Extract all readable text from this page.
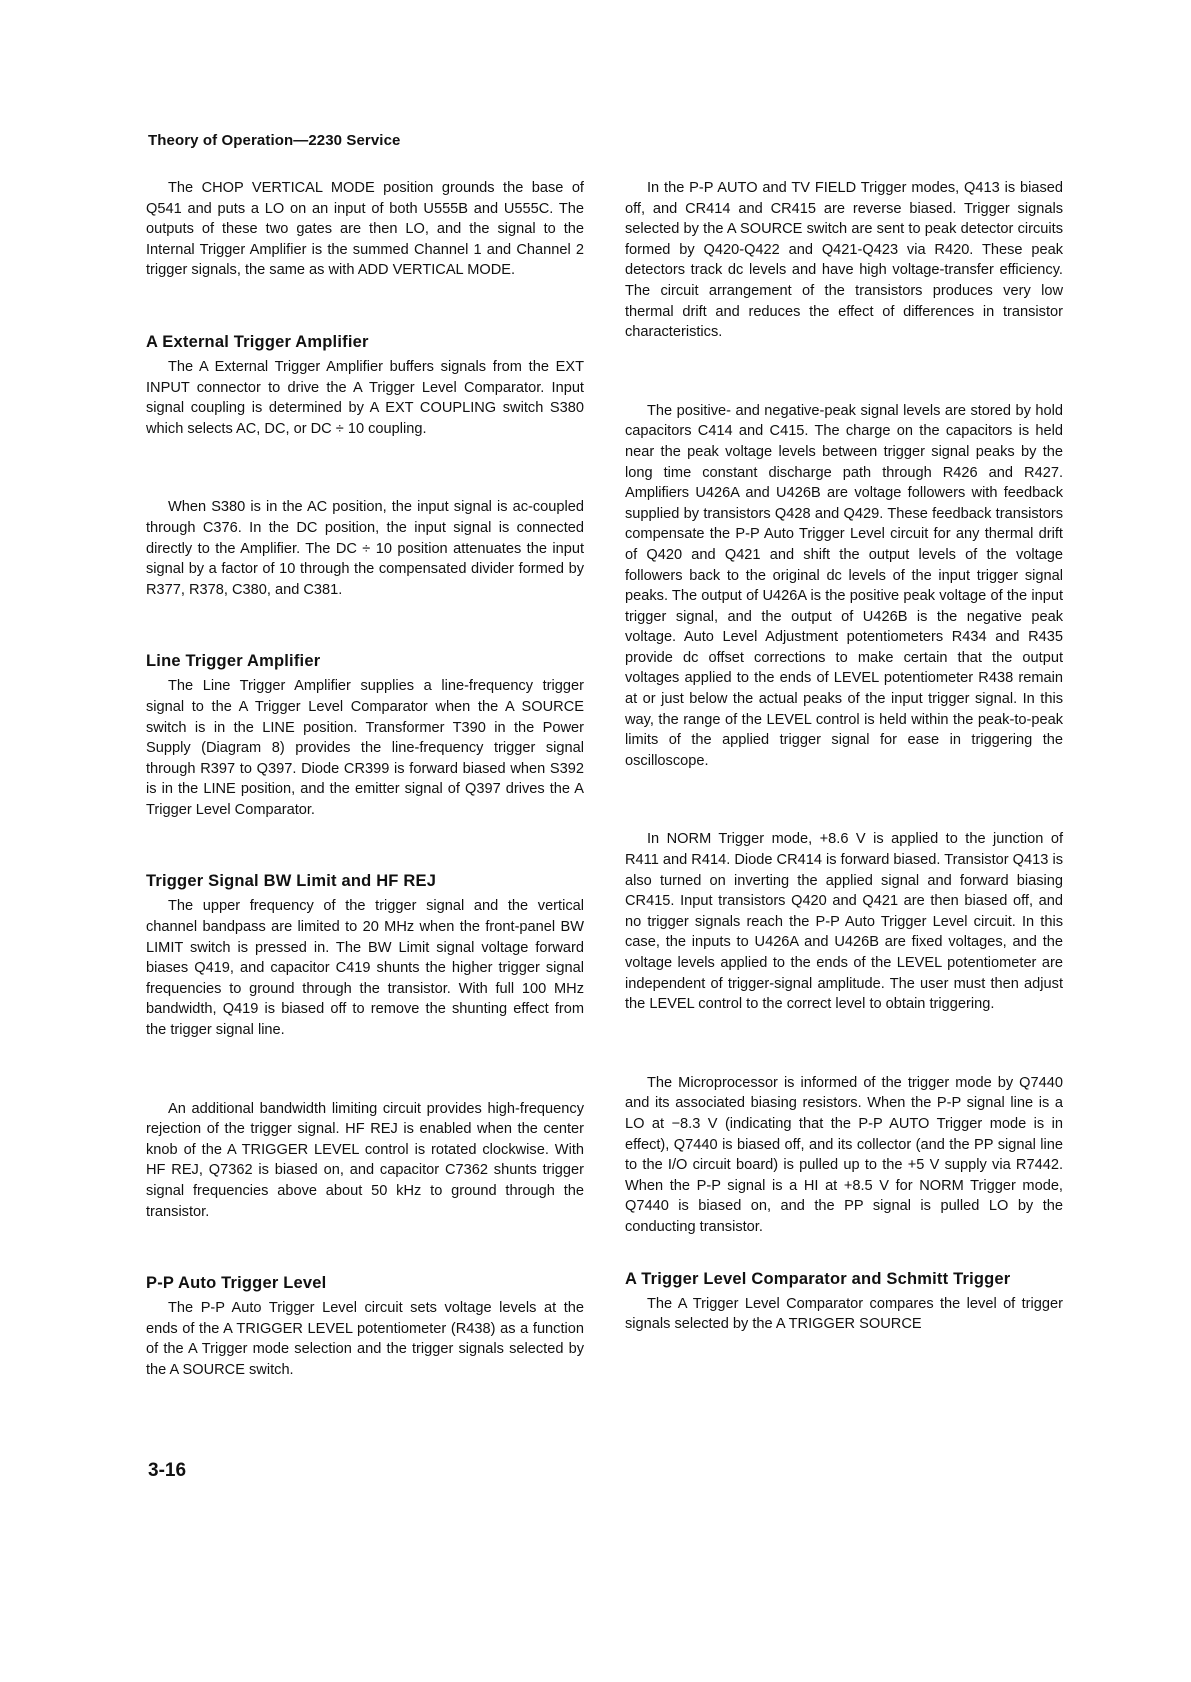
Theory of Operation—2230 Service

The CHOP VERTICAL MODE position grounds the base of Q541 and puts a LO on an input of both U555B and U555C. The outputs of these two gates are then LO, and the signal to the Internal Trigger Amplifier is the summed Channel 1 and Channel 2 trigger signals, the same as with ADD VERTICAL MODE.

A External Trigger Amplifier

The A External Trigger Amplifier buffers signals from the EXT INPUT connector to drive the A Trigger Level Comparator. Input signal coupling is determined by A EXT COUPLING switch S380 which selects AC, DC, or DC ÷ 10 coupling.

When S380 is in the AC position, the input signal is ac-coupled through C376. In the DC position, the input signal is connected directly to the Amplifier. The DC ÷ 10 position attenuates the input signal by a factor of 10 through the compensated divider formed by R377, R378, C380, and C381.

Line Trigger Amplifier

The Line Trigger Amplifier supplies a line-frequency trigger signal to the A Trigger Level Comparator when the A SOURCE switch is in the LINE position. Transformer T390 in the Power Supply (Diagram 8) provides the line-frequency trigger signal through R397 to Q397. Diode CR399 is forward biased when S392 is in the LINE position, and the emitter signal of Q397 drives the A Trigger Level Comparator.

Trigger Signal BW Limit and HF REJ

The upper frequency of the trigger signal and the vertical channel bandpass are limited to 20 MHz when the front-panel BW LIMIT switch is pressed in. The BW Limit signal voltage forward biases Q419, and capacitor C419 shunts the higher trigger signal frequencies to ground through the transistor. With full 100 MHz bandwidth, Q419 is biased off to remove the shunting effect from the trigger signal line.

An additional bandwidth limiting circuit provides high-frequency rejection of the trigger signal. HF REJ is enabled when the center knob of the A TRIGGER LEVEL control is rotated clockwise. With HF REJ, Q7362 is biased on, and capacitor C7362 shunts trigger signal frequencies above about 50 kHz to ground through the transistor.

P-P Auto Trigger Level

The P-P Auto Trigger Level circuit sets voltage levels at the ends of the A TRIGGER LEVEL potentiometer (R438) as a function of the A Trigger mode selection and the trigger signals selected by the A SOURCE switch.

In the P-P AUTO and TV FIELD Trigger modes, Q413 is biased off, and CR414 and CR415 are reverse biased. Trigger signals selected by the A SOURCE switch are sent to peak detector circuits formed by Q420-Q422 and Q421-Q423 via R420. These peak detectors track dc levels and have high voltage-transfer efficiency. The circuit arrangement of the transistors produces very low thermal drift and reduces the effect of differences in transistor characteristics.

The positive- and negative-peak signal levels are stored by hold capacitors C414 and C415. The charge on the capacitors is held near the peak voltage levels between trigger signal peaks by the long time constant discharge path through R426 and R427. Amplifiers U426A and U426B are voltage followers with feedback supplied by transistors Q428 and Q429. These feedback transistors compensate the P-P Auto Trigger Level circuit for any thermal drift of Q420 and Q421 and shift the output levels of the voltage followers back to the original dc levels of the input trigger signal peaks. The output of U426A is the positive peak voltage of the input trigger signal, and the output of U426B is the negative peak voltage. Auto Level Adjustment potentiometers R434 and R435 provide dc offset corrections to make certain that the output voltages applied to the ends of LEVEL potentiometer R438 remain at or just below the actual peaks of the input trigger signal. In this way, the range of the LEVEL control is held within the peak-to-peak limits of the applied trigger signal for ease in triggering the oscilloscope.

In NORM Trigger mode, +8.6 V is applied to the junction of R411 and R414. Diode CR414 is forward biased. Transistor Q413 is also turned on inverting the applied signal and forward biasing CR415. Input transistors Q420 and Q421 are then biased off, and no trigger signals reach the P-P Auto Trigger Level circuit. In this case, the inputs to U426A and U426B are fixed voltages, and the voltage levels applied to the ends of the LEVEL potentiometer are independent of trigger-signal amplitude. The user must then adjust the LEVEL control to the correct level to obtain triggering.

The Microprocessor is informed of the trigger mode by Q7440 and its associated biasing resistors. When the P-P signal line is a LO at −8.3 V (indicating that the P-P AUTO Trigger mode is in effect), Q7440 is biased off, and its collector (and the PP signal line to the I/O circuit board) is pulled up to the +5 V supply via R7442. When the P-P signal is a HI at +8.5 V for NORM Trigger mode, Q7440 is biased on, and the PP signal is pulled LO by the conducting transistor.

A Trigger Level Comparator and Schmitt Trigger

The A Trigger Level Comparator compares the level of trigger signals selected by the A TRIGGER SOURCE

3-16
